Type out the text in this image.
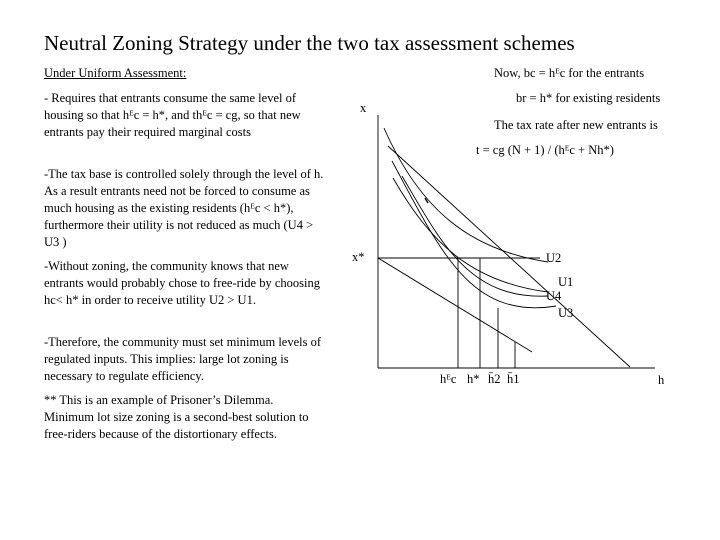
Neutral Zoning Strategy under the two tax assessment schemes
Under Uniform Assessment:
- Requires that entrants consume the same level of housing so that hᴱc = h*, and thᴱc = cg, so that new entrants pay their required marginal costs
-The tax base is controlled solely through the level of h. As a result entrants need not be forced to consume as much housing as the existing residents (hᴱc < h*), furthermore their utility is not reduced as much (U4 > U3 )
-Without zoning, the community knows that new entrants would probably chose to free-ride by choosing hc< h* in order to receive utility U2 > U1.
-Therefore, the community must set minimum levels of regulated inputs. This implies: large lot zoning is necessary to regulate efficiency.
** This is an example of Prisoner’s Dilemma. Minimum lot size zoning is a second-best solution to free-riders because of the distortionary effects.
Now, bc = hᴱc for the entrants
br = h* for existing residents
The tax rate after new entrants is
t = cg (N + 1) / (hᴱc + Nh*)
x
x*
h
hᴱc h* h̄2 h̄1
U2
U1
U4
U3
